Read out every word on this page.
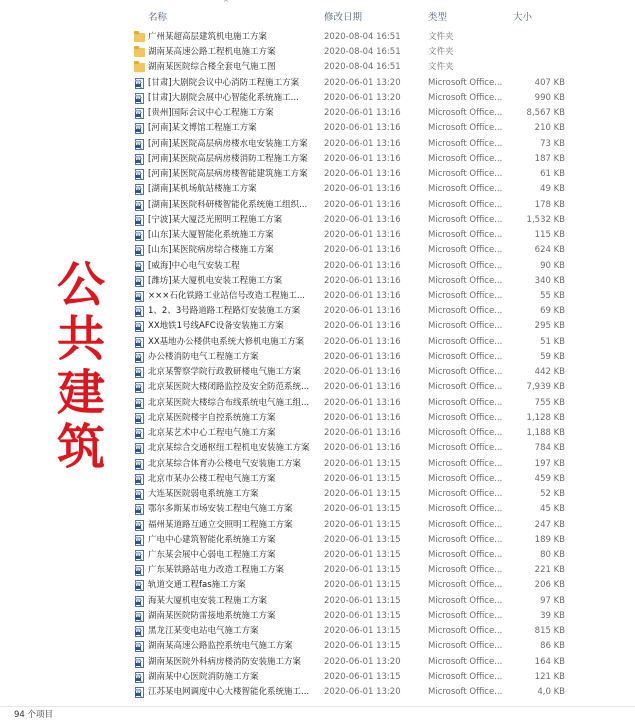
^
名称	修改日期	类型	大小
广州某超高层建筑机电施工方案	2020-08-04 16:51	文件夹
湖南某高速公路工程机电施工方案	2020-08-04 16:51	文件夹
湖南某医院综合楼全套电气施工图	2020-08-04 16:51	文件夹
W
[甘肃]大剧院会议中心消防工程施工方案	2020-06-01 13:20	Microsoft Office...	407 KB
W
[甘肃]大剧院会展中心智能化系统施工...	2020-06-01 13:20	Microsoft Office...	990 KB
W
[贵州]国际会议中心工程施工方案	2020-06-01 13:16	Microsoft Office...	8,567 KB
W
[河南]某文博馆工程施工方案	2020-06-01 13:16	Microsoft Office...	210 KB
W
[河南]某医院高层病房楼水电安装施工方案	2020-06-01 13:16	Microsoft Office...	73 KB
W
[河南]某医院高层病房楼消防工程施工方案	2020-06-01 13:16	Microsoft Office...	187 KB
W
[河南]某医院高层病房楼智能建筑施工方案	2020-06-01 13:16	Microsoft Office...	61 KB
W
[湖南]某机场航站楼施工方案	2020-06-01 13:16	Microsoft Office...	49 KB
W
[湖南]某医院科研楼智能化系统施工组织...	2020-06-01 13:16	Microsoft Office...	178 KB
W
[宁波]某大厦泛光照明工程施工方案	2020-06-01 13:16	Microsoft Office...	1,532 KB
W
[山东]某大厦智能化系统施工方案	2020-06-01 13:16	Microsoft Office...	115 KB
W
[山东]某医院病房综合楼施工方案	2020-06-01 13:16	Microsoft Office...	624 KB
W
[威海]中心电气安装工程	2020-06-01 13:16	Microsoft Office...	90 KB
W
[潍坊]某大厦机电安装工程施工方案	2020-06-01 13:16	Microsoft Office...	340 KB
W
×××石化铁路工业站信号改造工程施工...	2020-06-01 13:16	Microsoft Office...	55 KB
W
1、2、3号路道路工程路灯安装施工方案	2020-06-01 13:16	Microsoft Office...	69 KB
W
XX地铁1号线AFC设备安装施工方案	2020-06-01 13:16	Microsoft Office...	295 KB
W
XX基地办公楼供电系统大修机电施工方案	2020-06-01 13:16	Microsoft Office...	51 KB
W
办公楼消防电气工程施工方案	2020-06-01 13:16	Microsoft Office...	59 KB
W
北京某警察学院行政教研楼电气施工方案	2020-06-01 13:16	Microsoft Office...	442 KB
W
北京某医院大楼闭路监控及安全防范系统...	2020-06-01 13:16	Microsoft Office...	7,939 KB
W
北京某医院大楼综合布线系统电气施工组...	2020-06-01 13:16	Microsoft Office...	755 KB
W
北京某医院楼宇自控系统施工方案	2020-06-01 13:16	Microsoft Office...	1,128 KB
W
北京某艺术中心工程电气施工方案	2020-06-01 13:16	Microsoft Office...	1,188 KB
W
北京某综合交通枢纽工程机电安装施工方案	2020-06-01 13:16	Microsoft Office...	784 KB
W
北京某综合体育办公楼电气安装施工方案	2020-06-01 13:15	Microsoft Office...	197 KB
W
北京市某办公楼工程电气施工方案	2020-06-01 13:15	Microsoft Office...	459 KB
W
大连某医院弱电系统施工方案	2020-06-01 13:15	Microsoft Office...	52 KB
W
鄂尔多斯某市场安装工程电气施工方案	2020-06-01 13:15	Microsoft Office...	45 KB
W
福州某道路互通立交照明工程施工方案	2020-06-01 13:15	Microsoft Office...	247 KB
W
广电中心建筑智能化系统施工方案	2020-06-01 13:15	Microsoft Office...	189 KB
W
广东某会展中心弱电工程施工方案	2020-06-01 13:15	Microsoft Office...	80 KB
W
广东某铁路站电力改造工程施工方案	2020-06-01 13:15	Microsoft Office...	221 KB
W
轨道交通工程fas施工方案	2020-06-01 13:15	Microsoft Office...	206 KB
W
海某大厦机电安装工程施工方案	2020-06-01 13:15	Microsoft Office...	97 KB
W
湖南某医院防雷接地系统施工方案	2020-06-01 13:15	Microsoft Office...	39 KB
W
黑龙江某变电站电气施工方案	2020-06-01 13:15	Microsoft Office...	815 KB
W
湖南某高速公路监控系统电气施工方案	2020-06-01 13:15	Microsoft Office...	86 KB
W
湖南某医院外科病房楼消防安装施工方案	2020-06-01 13:20	Microsoft Office...	164 KB
W
湖南某中心医院消防施工方案	2020-06-01 13:15	Microsoft Office...	121 KB
W
江苏某电网调度中心大楼智能化系统施工...	2020-06-01 13:20	Microsoft Office...	4,0 KB
公共建筑
94 个项目
